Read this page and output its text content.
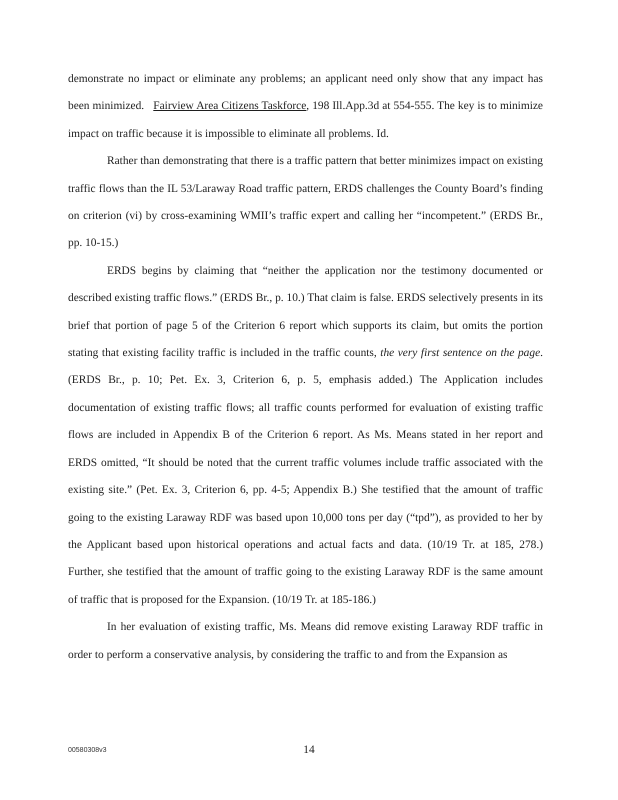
demonstrate no impact or eliminate any problems; an applicant need only show that any impact has been minimized. Fairview Area Citizens Taskforce, 198 Ill.App.3d at 554-555. The key is to minimize impact on traffic because it is impossible to eliminate all problems. Id.

Rather than demonstrating that there is a traffic pattern that better minimizes impact on existing traffic flows than the IL 53/Laraway Road traffic pattern, ERDS challenges the County Board’s finding on criterion (vi) by cross-examining WMII’s traffic expert and calling her “incompetent.” (ERDS Br., pp. 10-15.)

ERDS begins by claiming that “neither the application nor the testimony documented or described existing traffic flows.” (ERDS Br., p. 10.) That claim is false. ERDS selectively presents in its brief that portion of page 5 of the Criterion 6 report which supports its claim, but omits the portion stating that existing facility traffic is included in the traffic counts, the very first sentence on the page. (ERDS Br., p. 10; Pet. Ex. 3, Criterion 6, p. 5, emphasis added.) The Application includes documentation of existing traffic flows; all traffic counts performed for evaluation of existing traffic flows are included in Appendix B of the Criterion 6 report. As Ms. Means stated in her report and ERDS omitted, “It should be noted that the current traffic volumes include traffic associated with the existing site.” (Pet. Ex. 3, Criterion 6, pp. 4-5; Appendix B.) She testified that the amount of traffic going to the existing Laraway RDF was based upon 10,000 tons per day (“tpd”), as provided to her by the Applicant based upon historical operations and actual facts and data. (10/19 Tr. at 185, 278.) Further, she testified that the amount of traffic going to the existing Laraway RDF is the same amount of traffic that is proposed for the Expansion. (10/19 Tr. at 185-186.)

In her evaluation of existing traffic, Ms. Means did remove existing Laraway RDF traffic in order to perform a conservative analysis, by considering the traffic to and from the Expansion as

00580308v3	14
